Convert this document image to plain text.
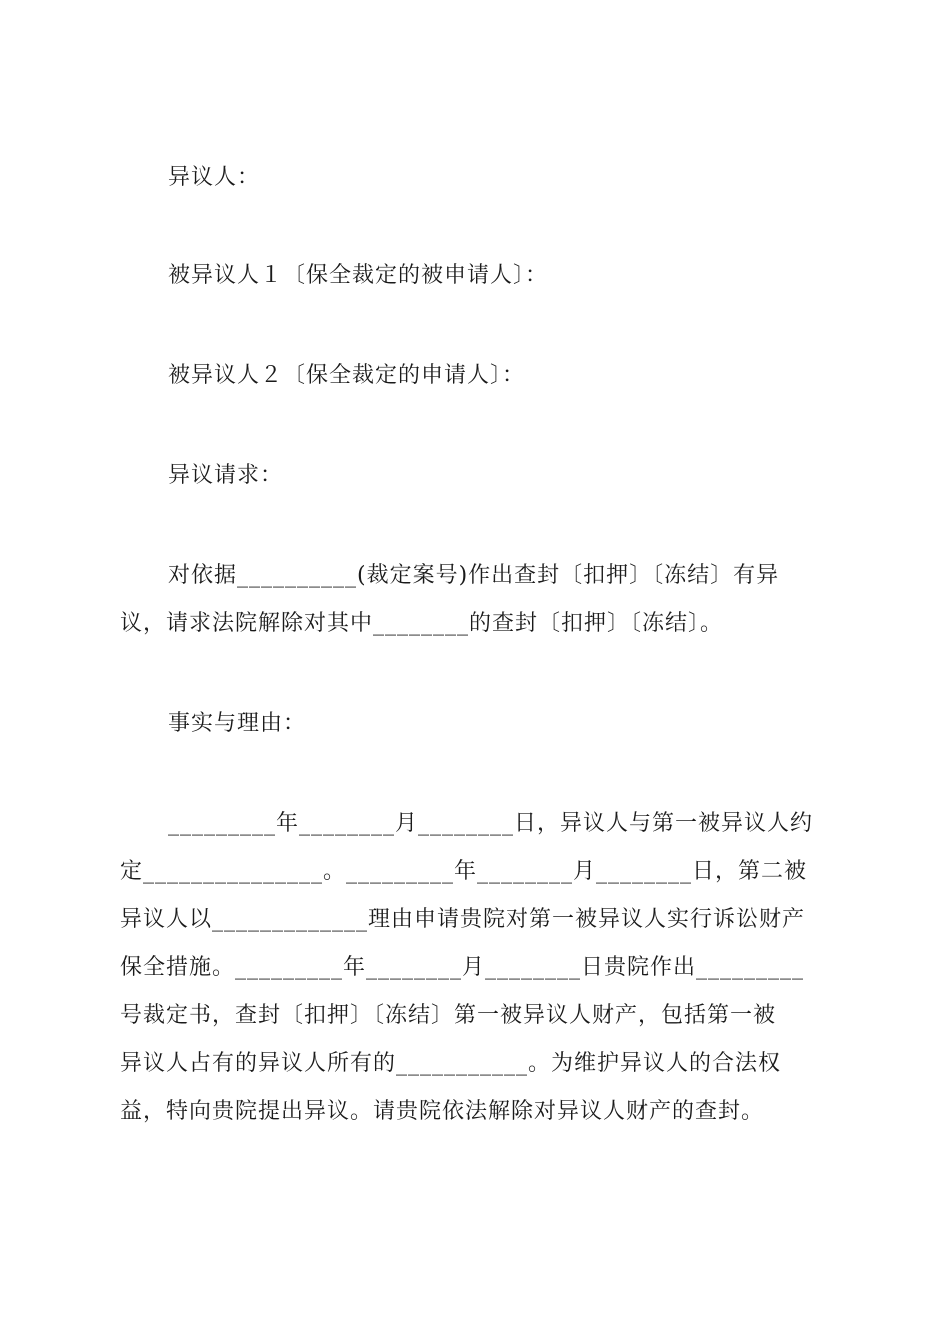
异议人：
被异议人１〔保全裁定的被申请人〕：
被异议人２〔保全裁定的申请人〕：
异议请求：
对依据__________(裁定案号)作出查封〔扣押〕〔冻结〕有异
议，请求法院解除对其中________的查封〔扣押〕〔冻结〕。
事实与理由：
_________年________月________日，异议人与第一被异议人约
定_______________。_________年________月________日，第二被
异议人以_____________理由申请贵院对第一被异议人实行诉讼财产
保全措施。_________年________月________日贵院作出_________
号裁定书，查封〔扣押〕〔冻结〕第一被异议人财产，包括第一被
异议人占有的异议人所有的___________。为维护异议人的合法权
益，特向贵院提出异议。请贵院依法解除对异议人财产的查封。
